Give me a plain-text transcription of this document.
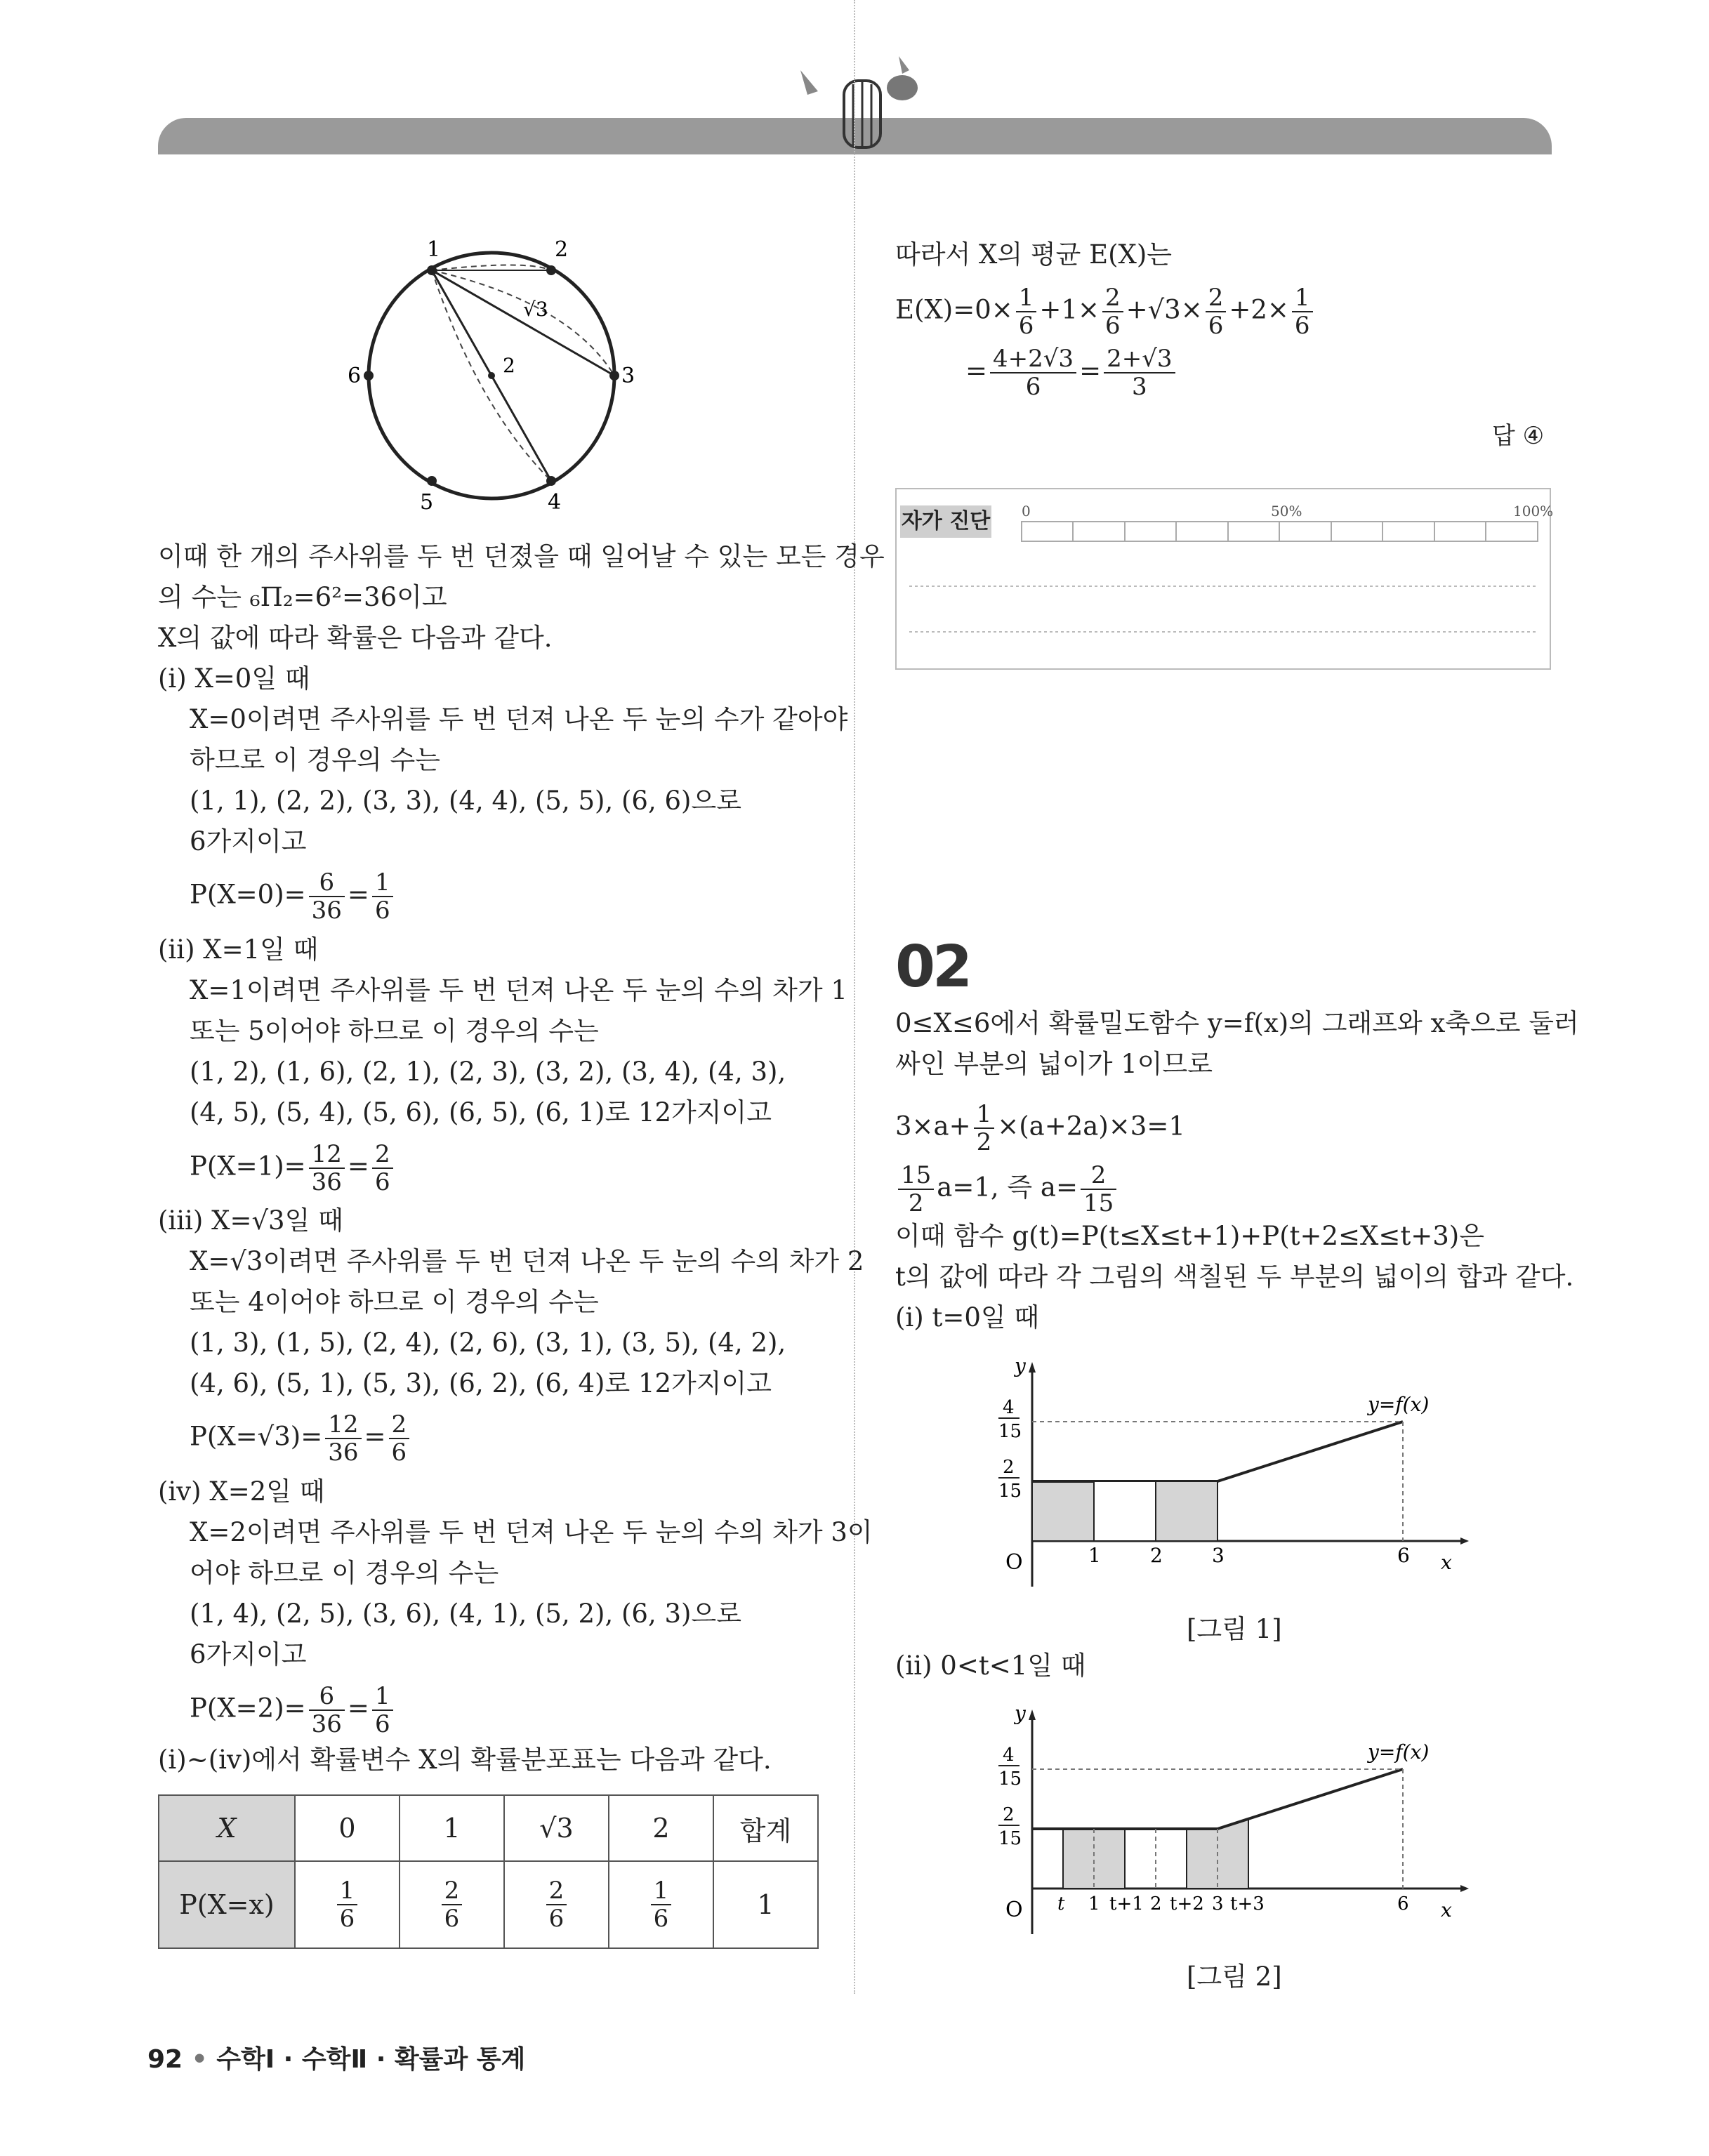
1	2
3
4
5
6
√3
2
이때 한 개의 주사위를 두 번 던졌을 때 일어날 수 있는 모든 경우
의 수는 ₆Π₂=6²=36이고
X의 값에 따라 확률은 다음과 같다.
(ⅰ) X=0일 때
X=0이려면 주사위를 두 번 던져 나온 두 눈의 수가 같아야
하므로 이 경우의 수는
(1, 1), (2, 2), (3, 3), (4, 4), (5, 5), (6, 6)으로
6가지이고
$P(X=0)= \frac{6}{36} = \frac{1}{6}$
(ⅱ) X=1일 때
X=1이려면 주사위를 두 번 던져 나온 두 눈의 수의 차가 1
또는 5이어야 하므로 이 경우의 수는
(1, 2), (1, 6), (2, 1), (2, 3), (3, 2), (3, 4), (4, 3),
(4, 5), (5, 4), (5, 6), (6, 5), (6, 1)로 12가지이고
$P(X=1)= \frac{12}{36} = \frac{2}{6}$
(ⅲ) X=√3일 때
X=√3이려면 주사위를 두 번 던져 나온 두 눈의 수의 차가 2
또는 4이어야 하므로 이 경우의 수는
(1, 3), (1, 5), (2, 4), (2, 6), (3, 1), (3, 5), (4, 2),
(4, 6), (5, 1), (5, 3), (6, 2), (6, 4)로 12가지이고
$P(X=√3)= \frac{12}{36} = \frac{2}{6}$
(ⅳ) X=2일 때
X=2이려면 주사위를 두 번 던져 나온 두 눈의 수의 차가 3이
어야 하므로 이 경우의 수는
(1, 4), (2, 5), (3, 6), (4, 1), (5, 2), (6, 3)으로
6가지이고
$P(X=2)= \frac{6}{36} = \frac{1}{6}$
(ⅰ)~(ⅳ)에서 확률변수 X의 확률분포표는 다음과 같다.
X	0	1	√3	2	합계
P(X=x)	$\frac{1}{6}$	$\frac{2}{6}$	$\frac{2}{6}$	$\frac{1}{6}$	1
따라서 X의 평균 E(X)는
$E(X)=0\times \frac{1}{6} +1\times \frac{2}{6} +√3\times \frac{2}{6} +2\times \frac{1}{6}$
= $\frac{4+2√3}{6} = \frac{2+√3}{3}$
답 ④
자가 진단 0	50%	100%
02
0≤X≤6에서 확률밀도함수 y=f(x)의 그래프와 x축으로 둘러
싸인 부분의 넓이가 1이므로
$3\times a+ \frac{1}{2} \times(a+2a)\times 3=1$
$\frac{15}{2} a=1$, 즉 $a= \frac{2}{15}$
이때 함수 g(t)=P(t≤X≤t+1)+P(t+2≤X≤t+3)은
t의 값에 따라 각 그림의 색칠된 두 부분의 넓이의 합과 같다.
(ⅰ) t=0일 때
y
x
O
y=f(x)
4
15
2
15
1	2	3	6
[그림 1]
(ⅱ) 0<t<1일 때
y
x
O
y=f(x)
4
15
2
15
t 1 t+1 2 t+2 3 t+3	6
[그림 2]
92 • 수학Ⅰ · 수학Ⅱ · 확률과 통계
